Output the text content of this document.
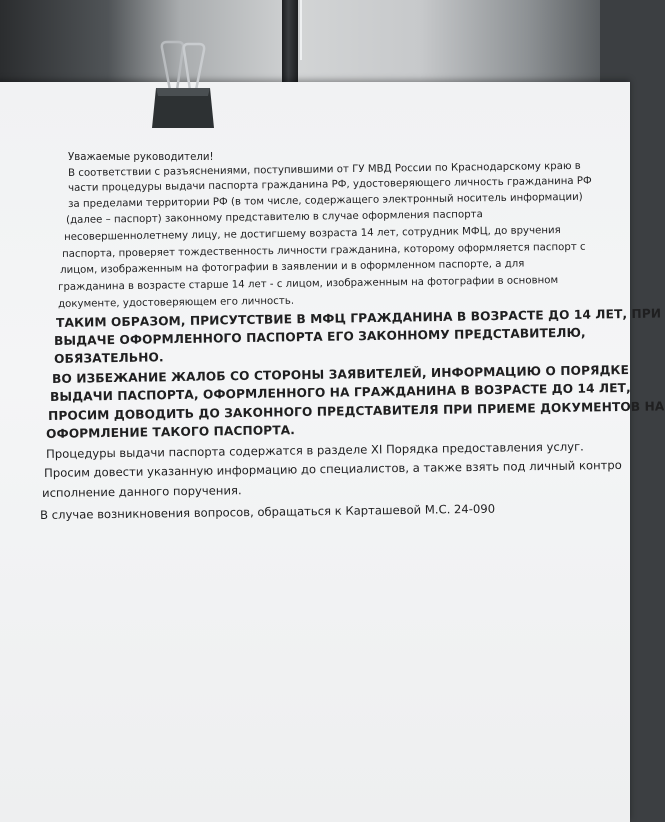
Уважаемые руководители!
В соответствии с разъяснениями, поступившими от ГУ МВД России по Краснодарскому краю в
части процедуры выдачи паспорта гражданина РФ, удостоверяющего личность гражданина РФ
за пределами территории РФ (в том числе, содержащего электронный носитель информации)
(далее – паспорт) законному представителю в случае оформления паспорта
несовершеннолетнему лицу, не достигшему возраста 14 лет, сотрудник МФЦ, до вручения
паспорта, проверяет тождественность личности гражданина, которому оформляется паспорт с
лицом, изображенным на фотографии в заявлении и в оформленном паспорте, а для
гражданина в возрасте старше 14 лет - с лицом, изображенным на фотографии в основном
документе, удостоверяющем его личность.
ТАКИМ ОБРАЗОМ, ПРИСУТСТВИЕ В МФЦ ГРАЖДАНИНА В ВОЗРАСТЕ ДО 14 ЛЕТ, ПРИ
ВЫДАЧЕ ОФОРМЛЕННОГО ПАСПОРТА ЕГО ЗАКОННОМУ ПРЕДСТАВИТЕЛЮ,
ОБЯЗАТЕЛЬНО.
ВО ИЗБЕЖАНИЕ ЖАЛОБ СО СТОРОНЫ ЗАЯВИТЕЛЕЙ, ИНФОРМАЦИЮ О ПОРЯДКЕ
ВЫДАЧИ ПАСПОРТА, ОФОРМЛЕННОГО НА ГРАЖДАНИНА В ВОЗРАСТЕ ДО 14 ЛЕТ,
ПРОСИМ ДОВОДИТЬ ДО ЗАКОННОГО ПРЕДСТАВИТЕЛЯ ПРИ ПРИЕМЕ ДОКУМЕНТОВ НА
ОФОРМЛЕНИЕ ТАКОГО ПАСПОРТА.
Процедуры выдачи паспорта содержатся в разделе XI Порядка предоставления услуг.
Просим довести указанную информацию до специалистов, а также взять под личный контро
исполнение данного поручения.
В случае возникновения вопросов, обращаться к Карташевой М.С. 24-090
